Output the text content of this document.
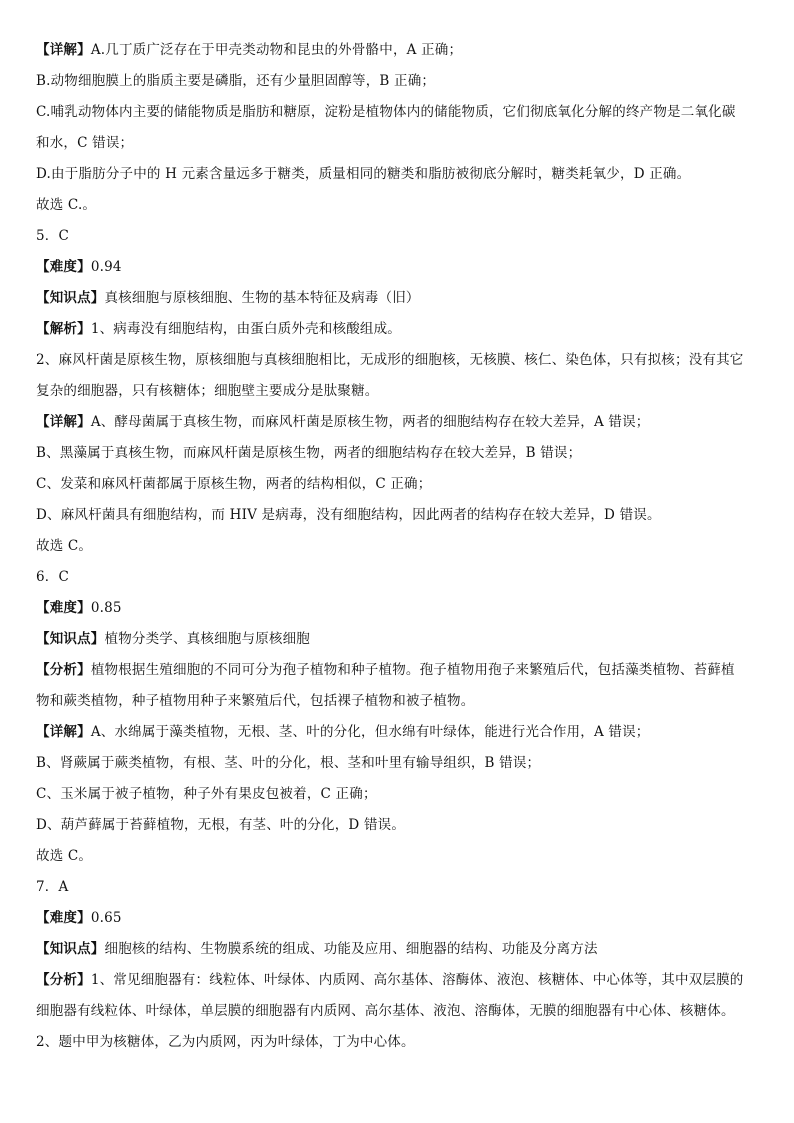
【详解】A.几丁质广泛存在于甲壳类动物和昆虫的外骨骼中，A 正确；
B.动物细胞膜上的脂质主要是磷脂，还有少量胆固醇等，B 正确；
C.哺乳动物体内主要的储能物质是脂肪和糖原，淀粉是植物体内的储能物质，它们彻底氧化分解的终产物是二氧化碳
和水，C 错误；
D.由于脂肪分子中的 H 元素含量远多于糖类，质量相同的糖类和脂肪被彻底分解时，糖类耗氧少，D 正确。
故选 C.。
5．C
【难度】0.94
【知识点】真核细胞与原核细胞、生物的基本特征及病毒（旧）
【解析】1、病毒没有细胞结构，由蛋白质外壳和核酸组成。
2、麻风杆菌是原核生物，原核细胞与真核细胞相比，无成形的细胞核，无核膜、核仁、染色体，只有拟核；没有其它
复杂的细胞器，只有核糖体；细胞壁主要成分是肽聚糖。
【详解】A、酵母菌属于真核生物，而麻风杆菌是原核生物，两者的细胞结构存在较大差异，A 错误；
B、黑藻属于真核生物，而麻风杆菌是原核生物，两者的细胞结构存在较大差异，B 错误；
C、发菜和麻风杆菌都属于原核生物，两者的结构相似，C 正确；
D、麻风杆菌具有细胞结构，而 HIV 是病毒，没有细胞结构，因此两者的结构存在较大差异，D 错误。
故选 C。
6．C
【难度】0.85
【知识点】植物分类学、真核细胞与原核细胞
【分析】植物根据生殖细胞的不同可分为孢子植物和种子植物。孢子植物用孢子来繁殖后代，包括藻类植物、苔藓植
物和蕨类植物，种子植物用种子来繁殖后代，包括裸子植物和被子植物。
【详解】A、水绵属于藻类植物，无根、茎、叶的分化，但水绵有叶绿体，能进行光合作用，A 错误；
B、肾蕨属于蕨类植物，有根、茎、叶的分化，根、茎和叶里有输导组织，B 错误；
C、玉米属于被子植物，种子外有果皮包被着，C 正确；
D、葫芦藓属于苔藓植物，无根，有茎、叶的分化，D 错误。
故选 C。
7．A
【难度】0.65
【知识点】细胞核的结构、生物膜系统的组成、功能及应用、细胞器的结构、功能及分离方法
【分析】1、常见细胞器有：线粒体、叶绿体、内质网、高尔基体、溶酶体、液泡、核糖体、中心体等，其中双层膜的
细胞器有线粒体、叶绿体，单层膜的细胞器有内质网、高尔基体、液泡、溶酶体，无膜的细胞器有中心体、核糖体。
2、题中甲为核糖体，乙为内质网，丙为叶绿体，丁为中心体。
